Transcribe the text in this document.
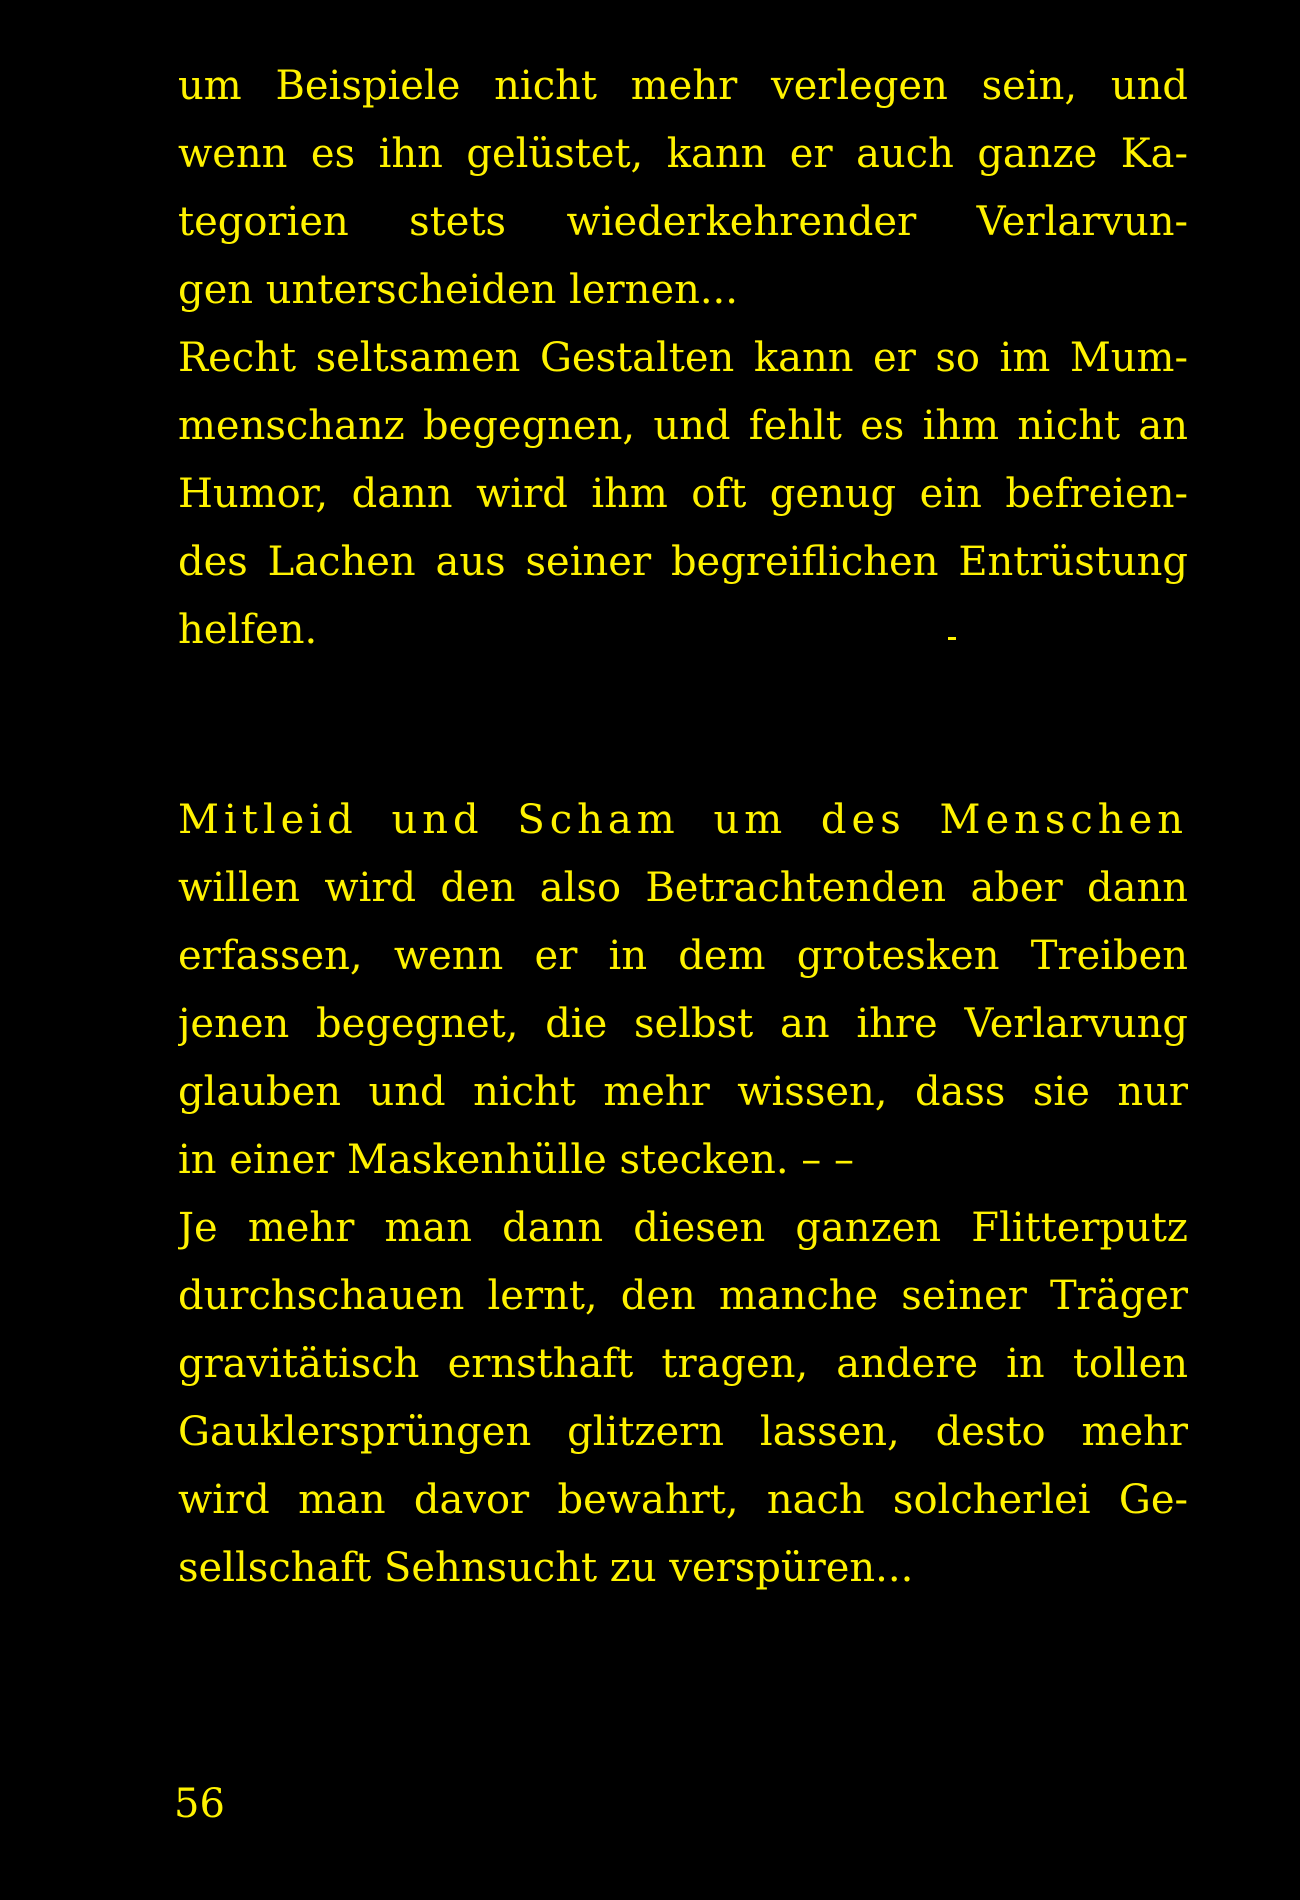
um Beispiele nicht mehr verlegen sein, und
wenn es ihn gelüstet, kann er auch ganze Ka-
tegorien stets wiederkehrender Verlarvun-
gen unterscheiden lernen...
Recht seltsamen Gestalten kann er so im Mum-
menschanz begegnen, und fehlt es ihm nicht an
Humor, dann wird ihm oft genug ein befreien-
des Lachen aus seiner begreiflichen Entrüstung
helfen.
Mitleid und Scham um des Menschen
willen wird den also Betrachtenden aber dann
erfassen, wenn er in dem grotesken Treiben
jenen begegnet, die selbst an ihre Verlarvung
glauben und nicht mehr wissen, dass sie nur
in einer Maskenhülle stecken. – –
Je mehr man dann diesen ganzen Flitterputz
durchschauen lernt, den manche seiner Träger
gravitätisch ernsthaft tragen, andere in tollen
Gauklersprüngen glitzern lassen, desto mehr
wird man davor bewahrt, nach solcherlei Ge-
sellschaft Sehnsucht zu verspüren...
56
